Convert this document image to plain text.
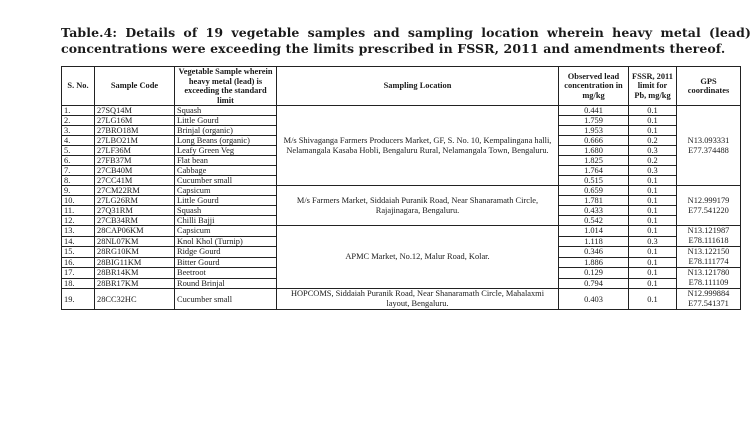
Table.4: Details of 19 vegetable samples and sampling location wherein heavy metal (lead) concentrations were exceeding the limits prescribed in FSSR, 2011 and amendments thereof.
S. No.	Sample Code	Vegetable Sample wherein heavy metal (lead) is exceeding the standard limit	Sampling Location	Observed lead concentration in mg/kg	FSSR, 2011 limit for Pb, mg/kg	GPS coordinates
1.	27SQ14M	Squash	M/s Shivaganga Farmers Producers Market, GF, S. No. 10, Kempalingana halli, Nelamangala Kasaba Hobli, Bengaluru Rural, Nelamangala Town, Bengaluru.	0.441	0.1	N13.093331 E77.374488
2.	27LG16M	Little Gourd		1.759	0.1	
3.	27BRO18M	Brinjal (organic)		1.953	0.1	
4.	27LBO21M	Long Beans (organic)		0.666	0.2	
5.	27LF36M	Leafy Green Veg		1.680	0.3	
6.	27FB37M	Flat bean		1.825	0.2	
7.	27CB40M	Cabbage		1.764	0.3	
8.	27CC41M	Cucumber small		0.515	0.1	
9.	27CM22RM	Capsicum	M/s Farmers Market, Siddaiah Puranik Road, Near Shanaramath Circle, Rajajinagara, Bengaluru.	0.659	0.1	N12.999179 E77.541220
10.	27LG26RM	Little Gourd		1.781	0.1	
11.	27Q31RM	Squash		0.433	0.1	
12.	27CB34RM	Chilli Bajji		0.542	0.1	
13.	28CAP06KM	Capsicum	APMC Market, No.12, Malur Road, Kolar.	1.014	0.1	N13.121987 E78.111618
14.	28NL07KM	Knol Khol (Turnip)		1.118	0.3	
15.	28RG10KM	Ridge Gourd		0.346	0.1	N13.122150 E78.111774
16.	28BIG11KM	Bitter Gourd		1.886	0.1	
17.	28BR14KM	Beetroot		0.129	0.1	N13.121780 E78.111109
18.	28BR17KM	Round Brinjal		0.794	0.1	
19.	28CC32HC	Cucumber small	HOPCOMS, Siddaiah Puranik Road, Near Shanaramath Circle, Mahalaxmi layout, Bengaluru.	0.403	0.1	N12.999884 E77.541371
